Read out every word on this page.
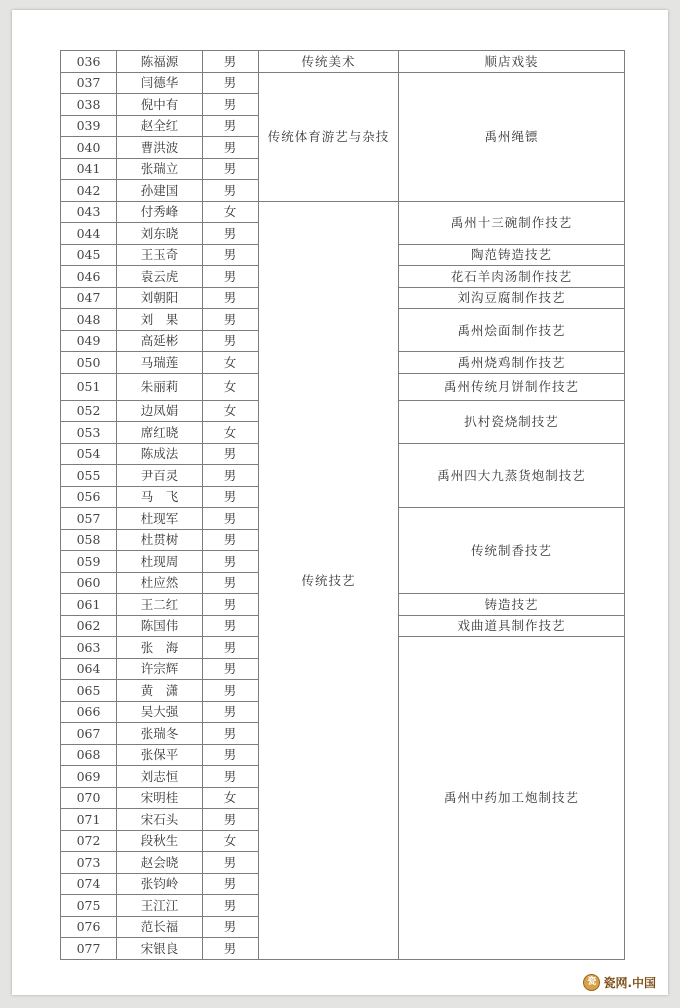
036	陈福源	男	传统美术	顺店戏装
037	闫德华	男	传统体育游艺与杂技	禹州绳镖
038	倪中有	男		
039	赵全红	男		
040	曹洪波	男		
041	张瑞立	男		
042	孙建国	男		
043	付秀峰	女	传统技艺	禹州十三碗制作技艺
044	刘东晓	男		
045	王玉奇	男		陶范铸造技艺
046	袁云虎	男		花石羊肉汤制作技艺
047	刘朝阳	男		刘沟豆腐制作技艺
048	刘　果	男		禹州烩面制作技艺
049	高延彬	男		
050	马瑞莲	女		禹州烧鸡制作技艺
051	朱丽莉	女		禹州传统月饼制作技艺
052	边凤娟	女		扒村瓷烧制技艺
053	席红晓	女		
054	陈成法	男		禹州四大九蒸货炮制技艺
055	尹百灵	男		
056	马　飞	男		
057	杜现军	男		传统制香技艺
058	杜贯树	男		
059	杜现周	男		
060	杜应然	男		
061	王二红	男		铸造技艺
062	陈国伟	男		戏曲道具制作技艺
063	张　海	男		禹州中药加工炮制技艺
064	许宗辉	男		
065	黄　潇	男		
066	吴大强	男		
067	张瑞冬	男		
068	张保平	男		
069	刘志恒	男		
070	宋明桂	女		
071	宋石头	男		
072	段秋生	女		
073	赵会晓	男		
074	张钧岭	男		
075	王江江	男		
076	范长福	男		
077	宋银良	男		
瓷 瓷网.中国
